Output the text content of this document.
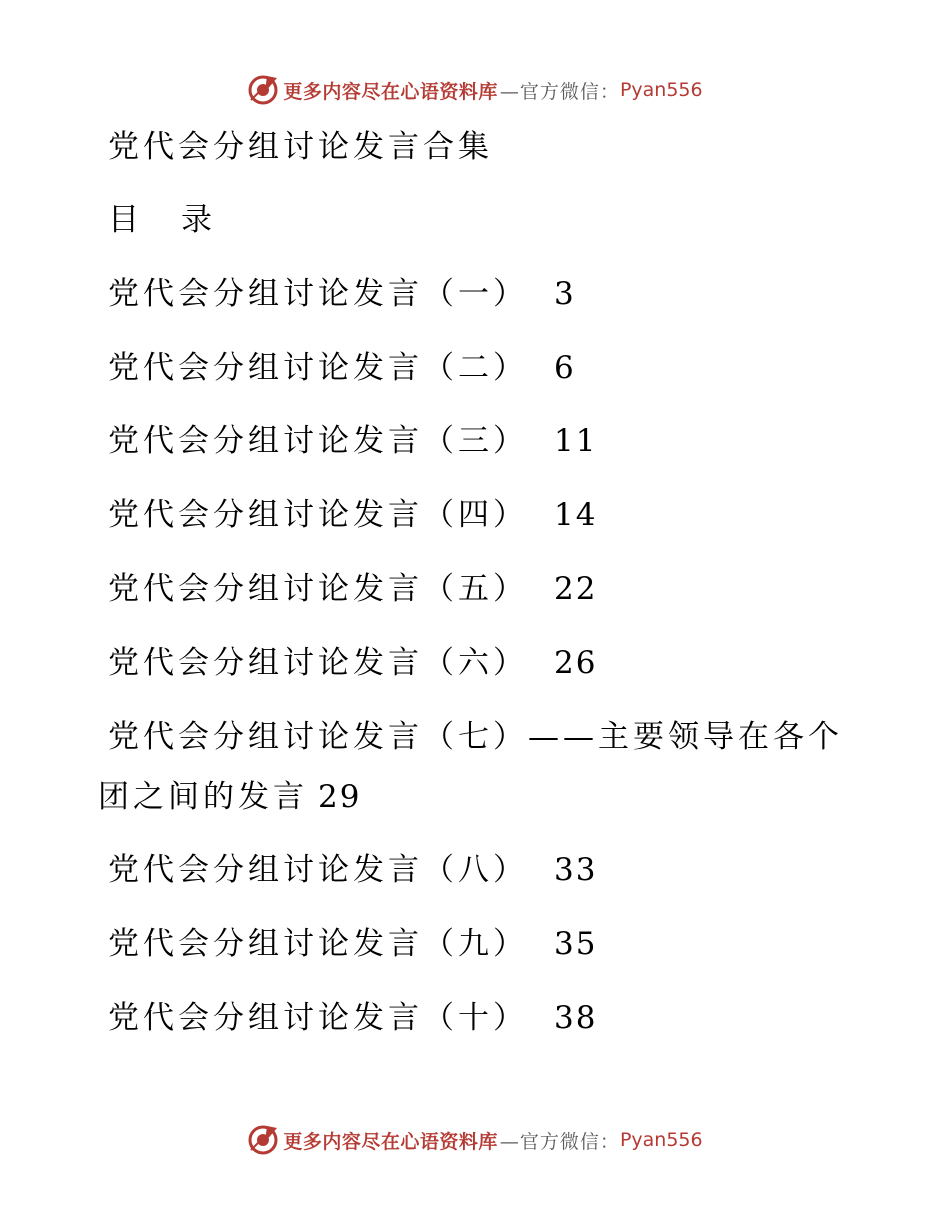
更多内容尽在心语资料库 —官方微信： Pyan556
党代会分组讨论发言合集
目 录
党代会分组讨论发言（一） 3
党代会分组讨论发言（二） 6
党代会分组讨论发言（三） 11
党代会分组讨论发言（四） 14
党代会分组讨论发言（五） 22
党代会分组讨论发言（六） 26
党代会分组讨论发言（七）——主要领导在各个
团之间的发言 29
党代会分组讨论发言（八） 33
党代会分组讨论发言（九） 35
党代会分组讨论发言（十） 38
更多内容尽在心语资料库 —官方微信： Pyan556
